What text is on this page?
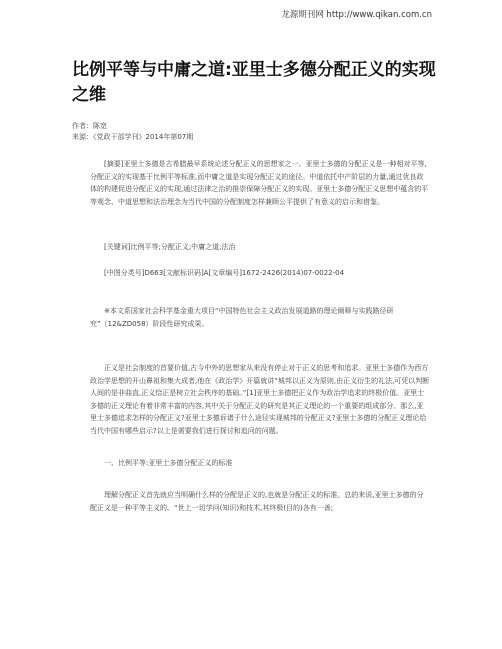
龙源期刊网 http://www.qikan.com.cn
比例平等与中庸之道:亚里士多德分配正义的实现之维
作者：陈宽
来源：《党政干部学刊》2014年第07期

[摘要]亚里士多德是古希腊最早系统论述分配正义的思想家之一。亚里士多德的分配正义是一种相对平等,分配正义的实现基于比例平等标准,而中庸之道是实现分配正义的途径。中道依托中产阶层的力量,通过优良政体的构建促进分配正义的实现,通过法律之治的推崇保障分配正义的实现。亚里士多德分配正义思想中蕴含的平等观念、中道思想和法治理念为当代中国的分配制度怎样兼顾公平提供了有意义的启示和借鉴。

[关键词]比例平等;分配正义;中庸之道;法治

[中图分类号]D663[文献标识码]A[文章编号]1672-2426(2014)07-0022-04

※本文系国家社会科学基金重大项目“中国特色社会主义政治发展道路的理论阐释与实践路径研究”（12&ZD058）阶段性研究成果。

正义是社会制度的首要价值,古今中外的思想家从来没有停止对于正义的思考和追求。亚里士多德作为西方政治学思想的开山鼻祖和集大成者,他在《政治学》开篇就讲“城邦以正义为原则,由正义衍生的礼法,可凭以判断人间的是非曲直,正义恰正是树立社会秩序的基础。”[1]亚里士多德把正义作为政治学追求的终极价值。亚里士多德的正义理论有着非常丰富的内容,其中关于分配正义的研究是其正义理论的一个重要的组成部分。那么,亚里士多德追求怎样的分配正义?亚里士多德诉诸于什么途径实现城邦的分配正义?亚里士多德的分配正义理论给当代中国有哪些启示?以上是需要我们进行探讨和追问的问题。

一、比例平等:亚里士多德分配正义的标准

理解分配正义首先就应当明确什么样的分配是正义的,也就是分配正义的标准。总的来说,亚里士多德的分配正义是一种平等主义的。“世上一切学问(知识)和技术,其终极(目的)各有一善;
